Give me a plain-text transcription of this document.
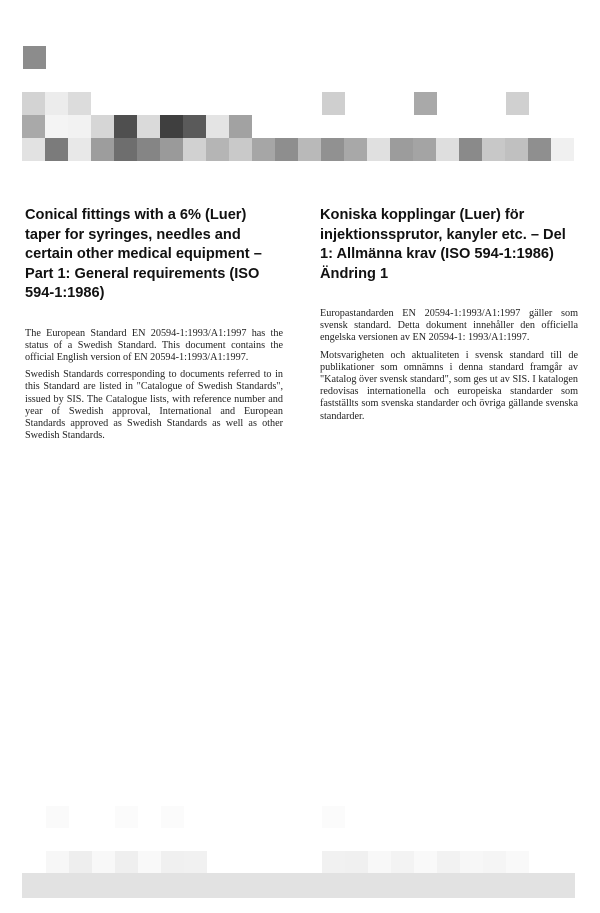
Conical fittings with a 6% (Luer) taper for syringes, needles and certain other medical equipment – Part 1: General requirements (ISO 594-1:1986)

The European Standard EN 20594-1:1993/A1:1997 has the status of a Swedish Standard. This document contains the official English version of EN 20594-1:1993/A1:1997.

Swedish Standards corresponding to documents referred to in this Standard are listed in "Catalogue of Swedish Standards", issued by SIS. The Catalogue lists, with reference number and year of Swedish approval, International and European Standards approved as Swedish Standards as well as other Swedish Standards.

Koniska kopplingar (Luer) för injektionssprutor, kanyler etc. – Del 1: Allmänna krav (ISO 594-1:1986) Ändring 1

Europastandarden EN 20594-1:1993/A1:1997 gäller som svensk standard. Detta dokument innehåller den officiella engelska versionen av EN 20594-1: 1993/A1:1997.

Motsvarigheten och aktualiteten i svensk standard till de publikationer som omnämns i denna standard framgår av "Katalog över svensk standard", som ges ut av SIS. I katalogen redovisas internationella och europeiska standarder som fastställts som svenska standarder och övriga gällande svenska standarder.
